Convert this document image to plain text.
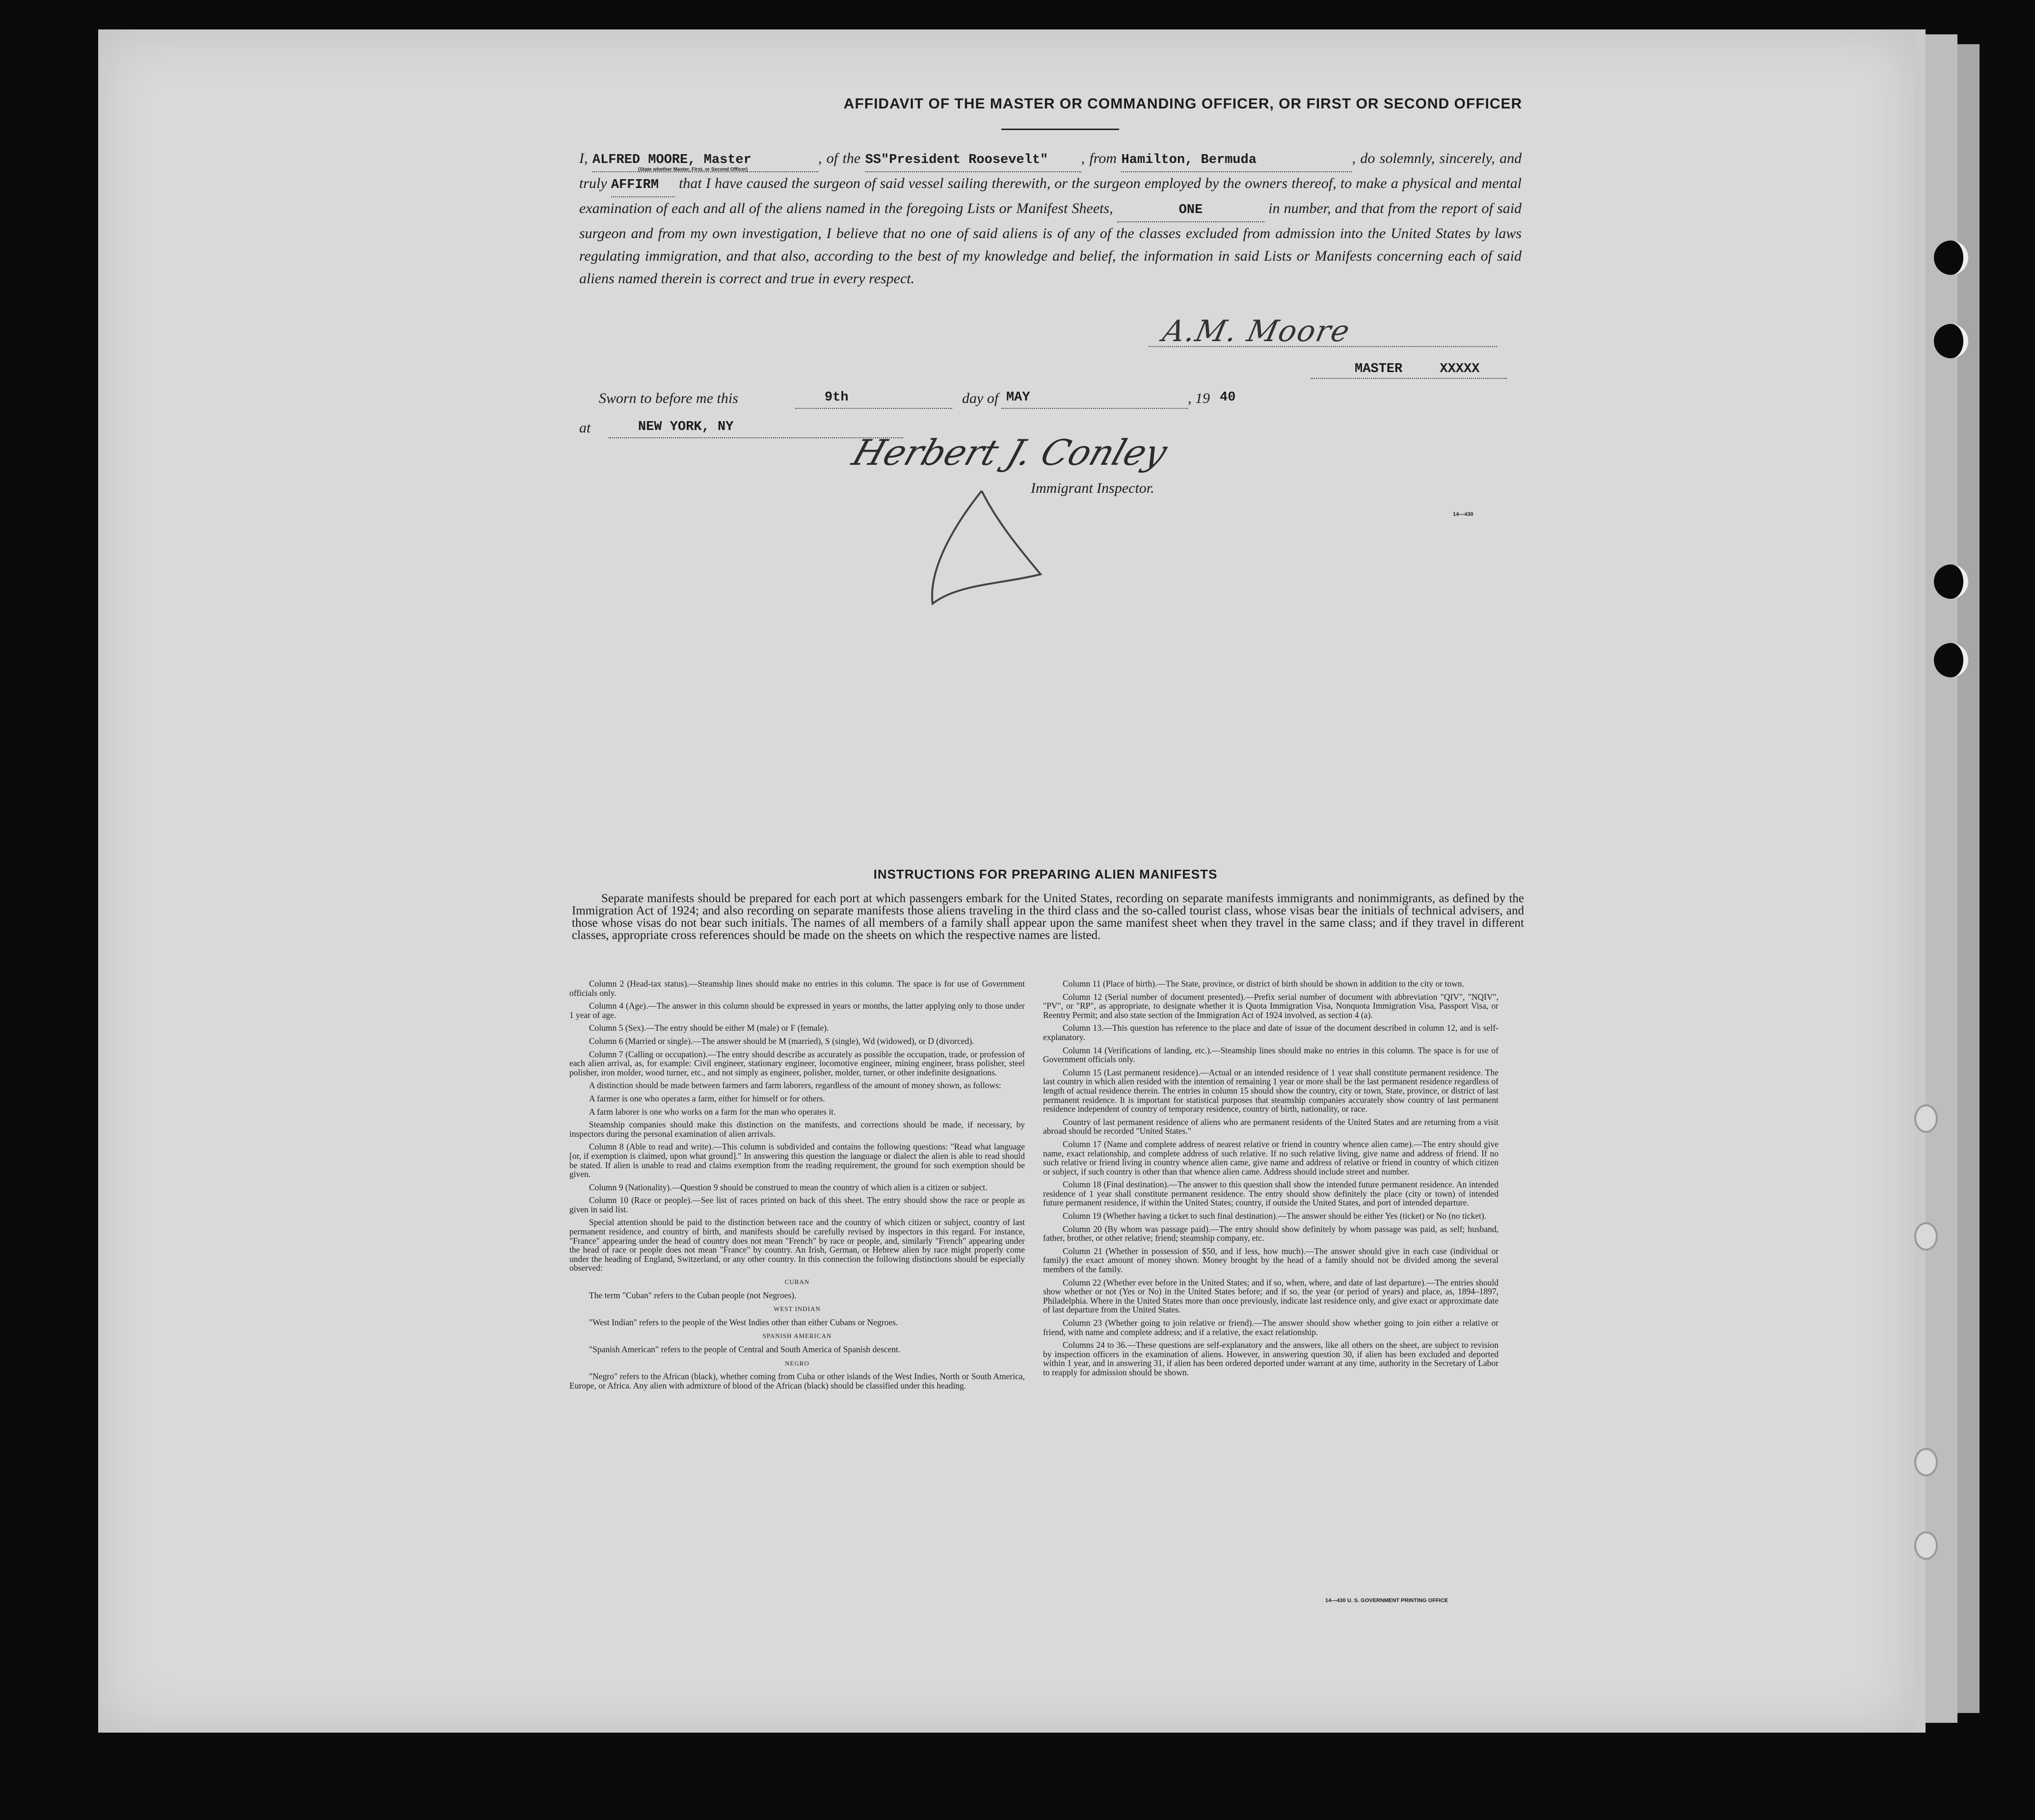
AFFIDAVIT OF THE MASTER OR COMMANDING OFFICER, OR FIRST OR SECOND OFFICER
I, ALFRED MOORE, Master	, of the SS"President Roosevelt" , from Hamilton, Bermuda	, do solemnly, sincerely, and truly AFFIRM that I have caused the surgeon of said vessel sailing therewith, or the surgeon employed by the owners thereof, to make a physical and mental examination of each and all of the aliens named in the foregoing Lists or Manifest Sheets,	ONE	in number, and that from the report of said surgeon and from my own investigation, I believe that no one of said aliens is of any of the classes excluded from admission into the United States by laws regulating immigration, and that also, according to the best of my knowledge and belief, the information in said Lists or Manifests concerning each of said aliens named therein is correct and true in every respect.
(State whether Master, First, or Second Officer)
A.M. Moore
MASTER	XXXXX
Sworn to before me this	9th	day of MAY	, 19 40
at	NEW YORK, NY
Herbert J. Conley
Immigrant Inspector.
14—430
INSTRUCTIONS FOR PREPARING ALIEN MANIFESTS
Separate manifests should be prepared for each port at which passengers embark for the United States, recording on separate manifests immigrants and nonimmigrants, as defined by the Immigration Act of 1924; and also recording on separate manifests those aliens traveling in the third class and the so-called tourist class, whose visas bear the initials of technical advisers, and those whose visas do not bear such initials. The names of all members of a family shall appear upon the same manifest sheet when they travel in the same class; and if they travel in different classes, appropriate cross references should be made on the sheets on which the respective names are listed.

Column 2 (Head-tax status).—Steamship lines should make no entries in this column. The space is for use of Government officials only.

Column 4 (Age).—The answer in this column should be expressed in years or months, the latter applying only to those under 1 year of age.

Column 5 (Sex).—The entry should be either M (male) or F (female).

Column 6 (Married or single).—The answer should be M (married), S (single), Wd (widowed), or D (divorced).

Column 7 (Calling or occupation).—The entry should describe as accurately as possible the occupation, trade, or profession of each alien arrival, as, for example: Civil engineer, stationary engineer, locomotive engineer, mining engineer, brass polisher, steel polisher, iron molder, wood turner, etc., and not simply as engineer, polisher, molder, turner, or other indefinite designations.

A distinction should be made between farmers and farm laborers, regardless of the amount of money shown, as follows:

A farmer is one who operates a farm, either for himself or for others.

A farm laborer is one who works on a farm for the man who operates it.

Steamship companies should make this distinction on the manifests, and corrections should be made, if necessary, by inspectors during the personal examination of alien arrivals.

Column 8 (Able to read and write).—This column is subdivided and contains the following questions: "Read what language [or, if exemption is claimed, upon what ground]." In answering this question the language or dialect the alien is able to read should be stated. If alien is unable to read and claims exemption from the reading requirement, the ground for such exemption should be given.

Column 9 (Nationality).—Question 9 should be construed to mean the country of which alien is a citizen or subject.

Column 10 (Race or people).—See list of races printed on back of this sheet. The entry should show the race or people as given in said list.

Special attention should be paid to the distinction between race and the country of which citizen or subject, country of last permanent residence, and country of birth, and manifests should be carefully revised by inspectors in this regard. For instance, "France" appearing under the head of country does not mean "French" by race or people, and, similarly "French" appearing under the head of race or people does not mean "France" by country. An Irish, German, or Hebrew alien by race might properly come under the heading of England, Switzerland, or any other country. In this connection the following distinctions should be especially observed:

CUBAN

The term "Cuban" refers to the Cuban people (not Negroes).

WEST INDIAN

"West Indian" refers to the people of the West Indies other than either Cubans or Negroes.

SPANISH AMERICAN

"Spanish American" refers to the people of Central and South America of Spanish descent.

NEGRO

"Negro" refers to the African (black), whether coming from Cuba or other islands of the West Indies, North or South America, Europe, or Africa. Any alien with admixture of blood of the African (black) should be classified under this heading.

Column 11 (Place of birth).—The State, province, or district of birth should be shown in addition to the city or town.

Column 12 (Serial number of document presented).—Prefix serial number of document with abbreviation "QIV", "NQIV", "PV", or "RP", as appropriate, to designate whether it is Quota Immigration Visa, Nonquota Immigration Visa, Passport Visa, or Reentry Permit; and also state section of the Immigration Act of 1924 involved, as section 4 (a).

Column 13.—This question has reference to the place and date of issue of the document described in column 12, and is self-explanatory.

Column 14 (Verifications of landing, etc.).—Steamship lines should make no entries in this column. The space is for use of Government officials only.

Column 15 (Last permanent residence).—Actual or an intended residence of 1 year shall constitute permanent residence. The last country in which alien resided with the intention of remaining 1 year or more shall be the last permanent residence regardless of length of actual residence therein. The entries in column 15 should show the country, city or town, State, province, or district of last permanent residence. It is important for statistical purposes that steamship companies accurately show country of last permanent residence independent of country of temporary residence, country of birth, nationality, or race.

Country of last permanent residence of aliens who are permanent residents of the United States and are returning from a visit abroad should be recorded "United States."

Column 17 (Name and complete address of nearest relative or friend in country whence alien came).—The entry should give name, exact relationship, and complete address of such relative. If no such relative living, give name and address of friend. If no such relative or friend living in country whence alien came, give name and address of relative or friend in country of which citizen or subject, if such country is other than that whence alien came. Address should include street and number.

Column 18 (Final destination).—The answer to this question shall show the intended future permanent residence. An intended residence of 1 year shall constitute permanent residence. The entry should show definitely the place (city or town) of intended future permanent residence, if within the United States; country, if outside the United States, and port of intended departure.

Column 19 (Whether having a ticket to such final destination).—The answer should be either Yes (ticket) or No (no ticket).

Column 20 (By whom was passage paid).—The entry should show definitely by whom passage was paid, as self; husband, father, brother, or other relative; friend; steamship company, etc.

Column 21 (Whether in possession of $50, and if less, how much).—The answer should give in each case (individual or family) the exact amount of money shown. Money brought by the head of a family should not be divided among the several members of the family.

Column 22 (Whether ever before in the United States; and if so, when, where, and date of last departure).—The entries should show whether or not (Yes or No) in the United States before; and if so, the year (or period of years) and place, as, 1894–1897, Philadelphia. Where in the United States more than once previously, indicate last residence only, and give exact or approximate date of last departure from the United States.

Column 23 (Whether going to join relative or friend).—The answer should show whether going to join either a relative or friend, with name and complete address; and if a relative, the exact relationship.

Columns 24 to 36.—These questions are self-explanatory and the answers, like all others on the sheet, are subject to revision by inspection officers in the examination of aliens. However, in answering question 30, if alien has been excluded and deported within 1 year, and in answering 31, if alien has been ordered deported under warrant at any time, authority in the Secretary of Labor to reapply for admission should be shown.

14—430 U. S. GOVERNMENT PRINTING OFFICE
